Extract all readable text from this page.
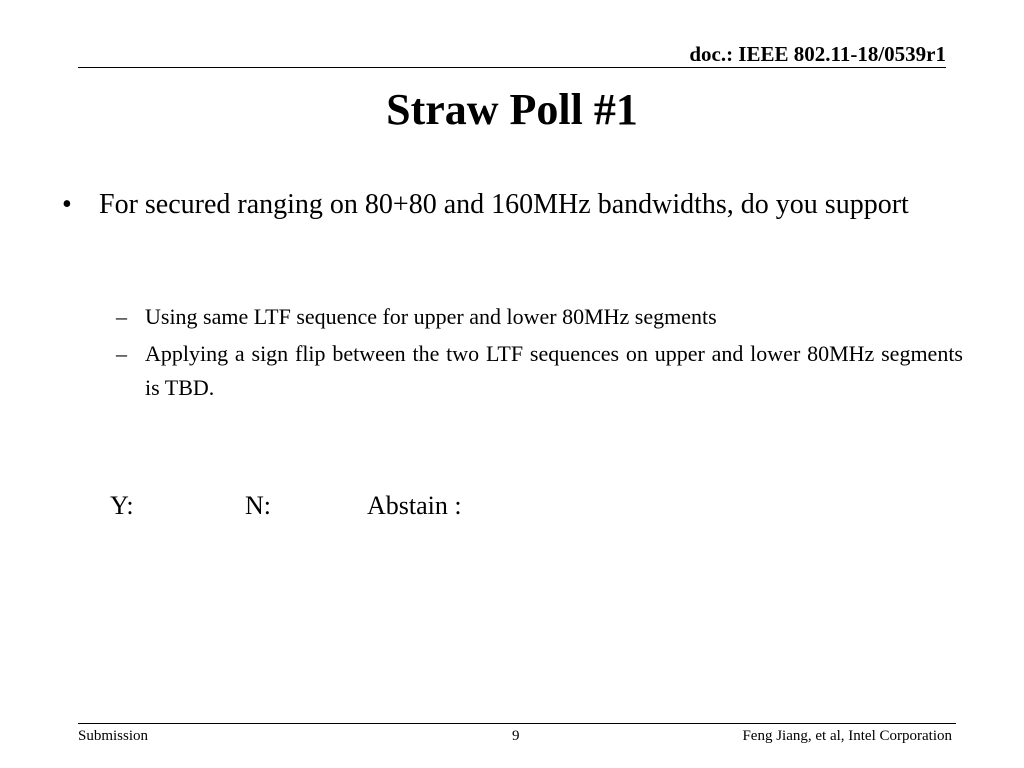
doc.: IEEE 802.11-18/0539r1
Straw Poll #1
• For secured ranging on 80+80 and 160MHz bandwidths, do you support
– Using same LTF sequence for upper and lower 80MHz segments
– Applying a sign flip between the two LTF sequences on upper and lower 80MHz segments is TBD.
Y:	N:	Abstain :
Submission	9	Feng Jiang, et al, Intel Corporation
